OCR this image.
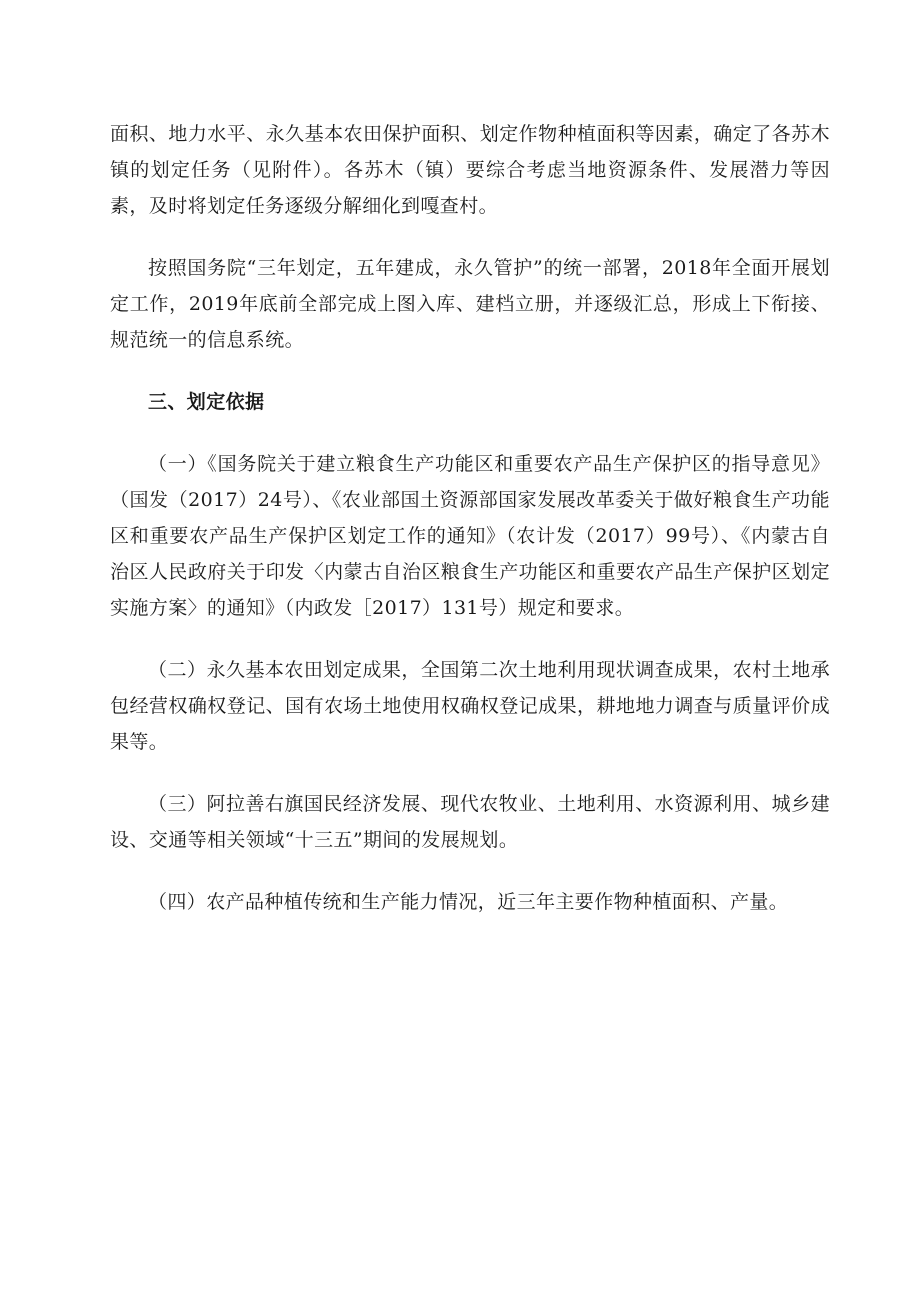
面积、地力水平、永久基本农田保护面积、划定作物种植面积等因素，确定了各苏木镇的划定任务（见附件）。各苏木（镇）要综合考虑当地资源条件、发展潜力等因素，及时将划定任务逐级分解细化到嘎查村。

按照国务院“三年划定，五年建成，永久管护”的统一部署，2018年全面开展划定工作，2019年底前全部完成上图入库、建档立册，并逐级汇总，形成上下衔接、规范统一的信息系统。

三、划定依据

（一）《国务院关于建立粮食生产功能区和重要农产品生产保护区的指导意见》（国发（2017）24号）、《农业部国土资源部国家发展改革委关于做好粮食生产功能区和重要农产品生产保护区划定工作的通知》（农计发（2017）99号）、《内蒙古自治区人民政府关于印发〈内蒙古自治区粮食生产功能区和重要农产品生产保护区划定实施方案〉的通知》（内政发［2017）131号）规定和要求。

（二）永久基本农田划定成果，全国第二次土地利用现状调查成果，农村土地承包经营权确权登记、国有农场土地使用权确权登记成果，耕地地力调查与质量评价成果等。

（三）阿拉善右旗国民经济发展、现代农牧业、土地利用、水资源利用、城乡建设、交通等相关领域“十三五”期间的发展规划。

（四）农产品种植传统和生产能力情况，近三年主要作物种植面积、产量。
